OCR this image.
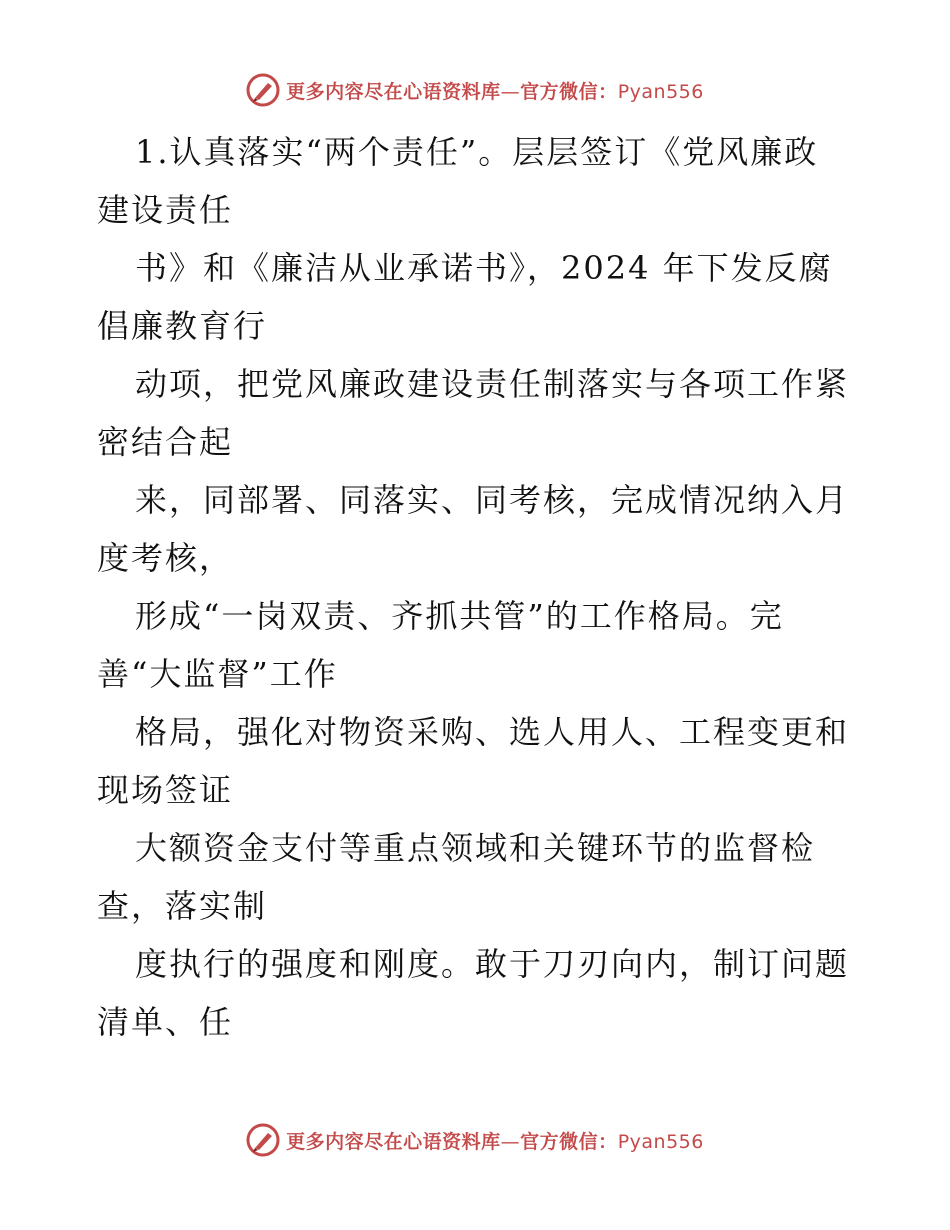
更多内容尽在心语资料库—官方微信：Pyan556
1.认真落实“两个责任”。层层签订《党风廉政
建设责任
书》和《廉洁从业承诺书》，2024 年下发反腐
倡廉教育行
动项，把党风廉政建设责任制落实与各项工作紧
密结合起
来，同部署、同落实、同考核，完成情况纳入月
度考核，
形成“一岗双责、齐抓共管”的工作格局。完
善“大监督”工作
格局，强化对物资采购、选人用人、工程变更和
现场签证
大额资金支付等重点领域和关键环节的监督检
查，落实制
度执行的强度和刚度。敢于刀刃向内，制订问题
清单、任
更多内容尽在心语资料库—官方微信：Pyan556
